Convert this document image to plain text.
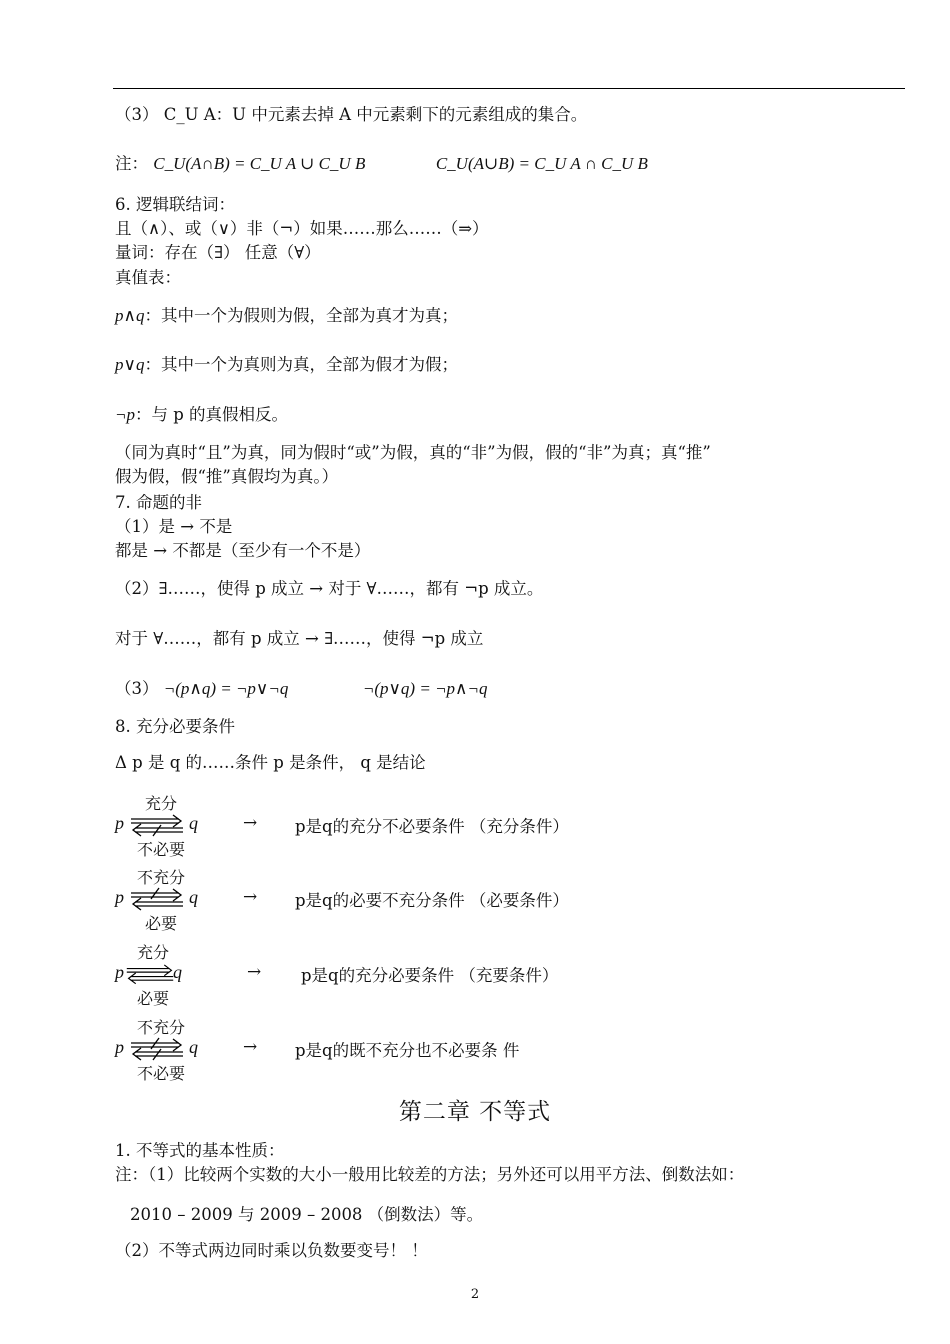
（3） C_U A：U 中元素去掉 A 中元素剩下的元素组成的集合。
注： C_U(A∩B) = C_U A ∪ C_U B	C_U(A∪B) = C_U A ∩ C_U B
6. 逻辑联结词：
且（∧）、或（∨）非（¬）如果……那么……（⇒）
量词：存在（∃） 任意（∀）
真值表：
p∧q：其中一个为假则为假，全部为真才为真；
p∨q：其中一个为真则为真，全部为假才为假；
¬p：与 p 的真假相反。
（同为真时“且”为真，同为假时“或”为假，真的“非”为假，假的“非”为真；真“推”
假为假，假“推”真假均为真。）
7. 命题的非
（1）是 → 不是
都是 → 不都是（至少有一个不是）
（2）∃……，使得 p 成立 → 对于 ∀……，都有 ¬p 成立。
对于 ∀……，都有 p 成立 → ∃……，使得 ¬p 成立
（3） ¬(p∧q) = ¬p∨¬q	¬(p∨q) = ¬p∧¬q
8. 充分必要条件
Δ p 是 q 的……条件 p 是条件， q 是结论
p
充分
不必要
q	→ p是q的充分不必要条件 （充分条件）
p
不充分
必要
q	→ p是q的必要不充分条件 （必要条件）
p
充分
必要
q	→ p是q的充分必要条件 （充要条件）
p
不充分
不必要
q	→ p是q的既不充分也不必要条 件
第二章 不等式
1. 不等式的基本性质：
注：（1）比较两个实数的大小一般用比较差的方法；另外还可以用平方法、倒数法如：
2010 – 2009 与 2009 – 2008 （倒数法）等。
（2）不等式两边同时乘以负数要变号！ ！
2
